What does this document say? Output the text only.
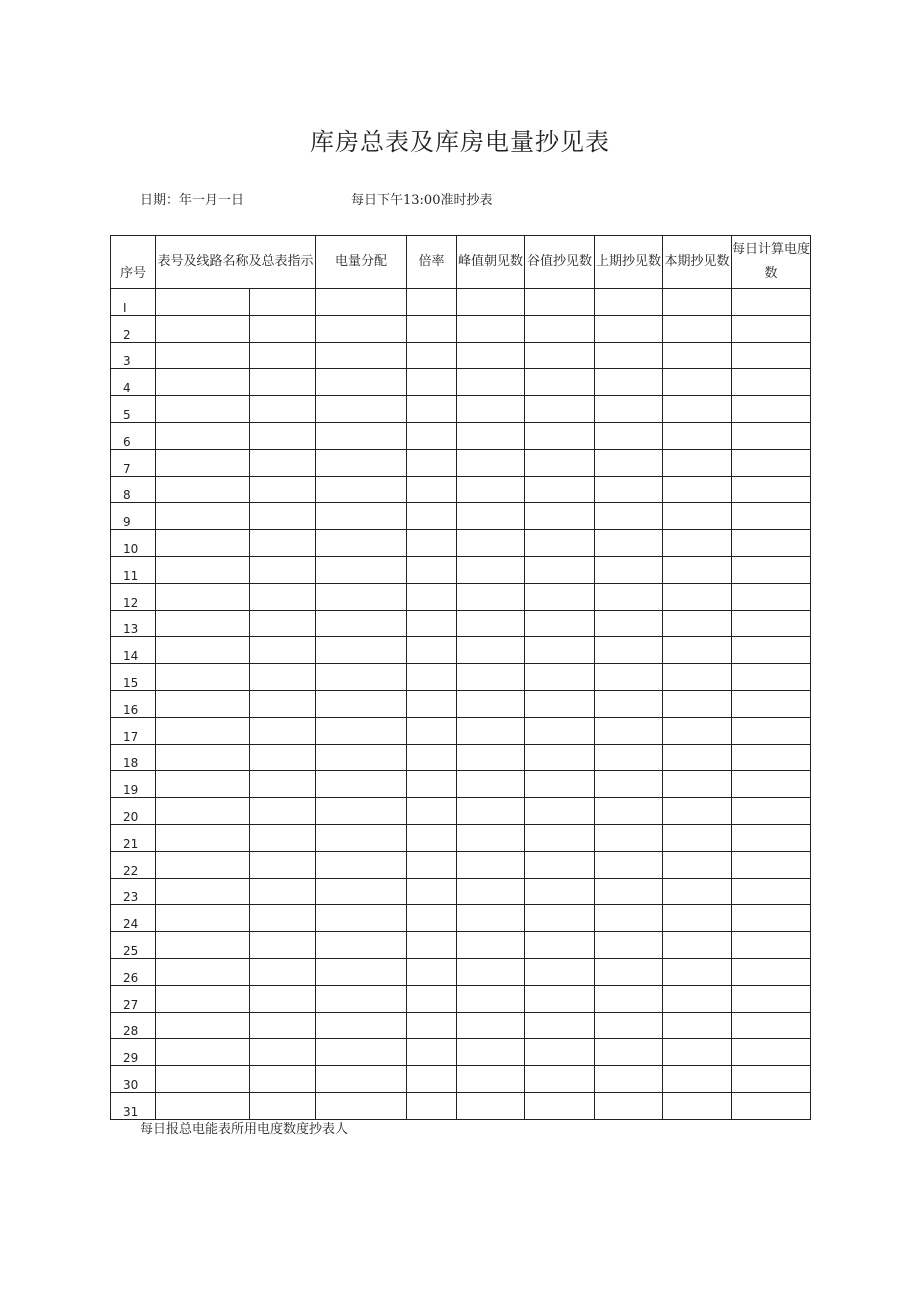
库房总表及库房电量抄见表
日期：年一月一日	每日下午13:00准时抄表
序号	表号及线路名称及总表指示		电量分配	倍率	峰值朝见数	谷值抄见数	上期抄见数	本期抄见数	每日计算电度数
I									
2									
3									
4									
5									
6									
7									
8									
9									
10									
11									
12									
13									
14									
15									
16									
17									
18									
19									
20									
21									
22									
23									
24									
25									
26									
27									
28									
29									
30									
31									
每日报总电能表所用电度数度抄表人
